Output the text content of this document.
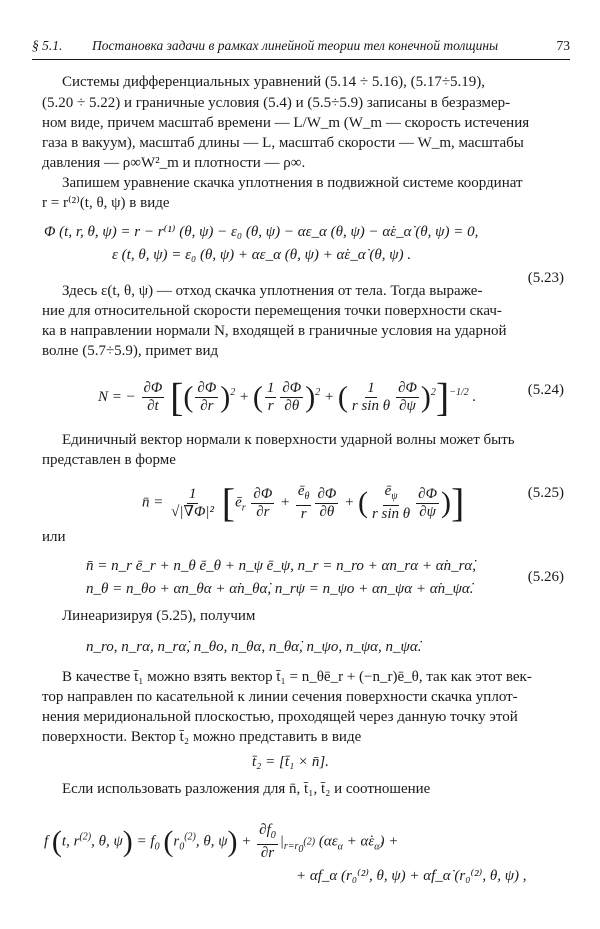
§ 5.1. Постановка задачи в рамках линейной теории тел конечной толщины	73
Системы дифференциальных уравнений (5.14 ÷ 5.16), (5.17÷5.19),
(5.20 ÷ 5.22) и граничные условия (5.4) и (5.5÷5.9) записаны в безразмер-
ном виде, причем масштаб времени — L/W_m (W_m — скорость истечения
газа в вакуум), масштаб длины — L, масштаб скорости — W_m, масштабы
давления — ρ∞W²_m и плотности — ρ∞.
Запишем уравнение скачка уплотнения в подвижной системе координат
r = r⁽²⁾(t, θ, ψ) в виде
Φ (t, r, θ, ψ) = r − r⁽¹⁾ (θ, ψ) − ε₀ (θ, ψ) − αε_α (θ, ψ) − α̇ε_α̇ (θ, ψ) = 0,
ε (t, θ, ψ) = ε₀ (θ, ψ) + αε_α (θ, ψ) + α̇ε_α̇ (θ, ψ) .
(5.23)
Здесь ε(t, θ, ψ) — отход скачка уплотнения от тела. Тогда выраже-
ние для относительной скорости перемещения точки поверхности скач-
ка в направлении нормали N, входящей в граничные условия на ударной
волне (5.7÷5.9), примет вид
N = − $\frac{\partial\Phi}{\partial t}$ [( $\frac{\partial\Phi}{\partial r} )^2$ + ( $\frac{1}{r} \frac{\partial\Phi}{\partial\theta} )^2$ + ( $\frac{1}{\text{r sin θ}} \frac{\partial\Phi}{\partial\psi} )^2]^{-1/2}$ .	(5.24)
Единичный вектор нормали к поверхности ударной волны может быть
представлен в форме
n̄ = $\frac{1}{\text{√|∇Φ|²}}$ [$ē_r \frac{\partial\Phi}{\partial r} + \frac{ē_\theta}{r} \frac{\partial\Phi}{\partial\theta}$ + ( $\frac{ē_\psi}{\text{r sin θ}} \frac{\partial\Phi}{\partial\psi}$ )]	(5.25)
или
n̄ = n_r ē_r + n_θ ē_θ + n_ψ ē_ψ, n_r = n_ro + αn_rα + α̇n_rα̇,
n_θ = n_θo + αn_θα + α̇n_θα̇, n_rψ = n_ψo + αn_ψα + α̇n_ψα̇.
(5.26)
Линеаризируя (5.25), получим
n_ro, n_rα, n_rα̇, n_θo, n_θα, n_θα̇, n_ψo, n_ψα, n_ψα̇.
В качестве t̄₁ можно взять вектор t̄₁ = n_θē_r + (−n_r)ē_θ, так как этот век-
тор направлен по касательной к линии сечения поверхности скачка уплот-
нения меридиональной плоскостью, проходящей через данную точку этой
поверхности. Вектор t̄₂ можно представить в виде
t̄₂ = [t̄₁ × n̄].
Если использовать разложения для n̄, t̄₁, t̄₂ и соотношение
f (t, $r^{(2)}$, θ, $\psi) = f_0$ ($r_0^{(2)}$, θ, $\psi) + \frac{\partial f_0}{\partial r} |_{r=r_0^{(2)}}$ ($\alpha\varepsilon_\alpha$ + $\alphȧ\varepsilon_{\alphȧ}$) +
+ αf_α (r₀⁽²⁾, θ, ψ) + α̇f_α̇ (r₀⁽²⁾, θ, ψ) ,
